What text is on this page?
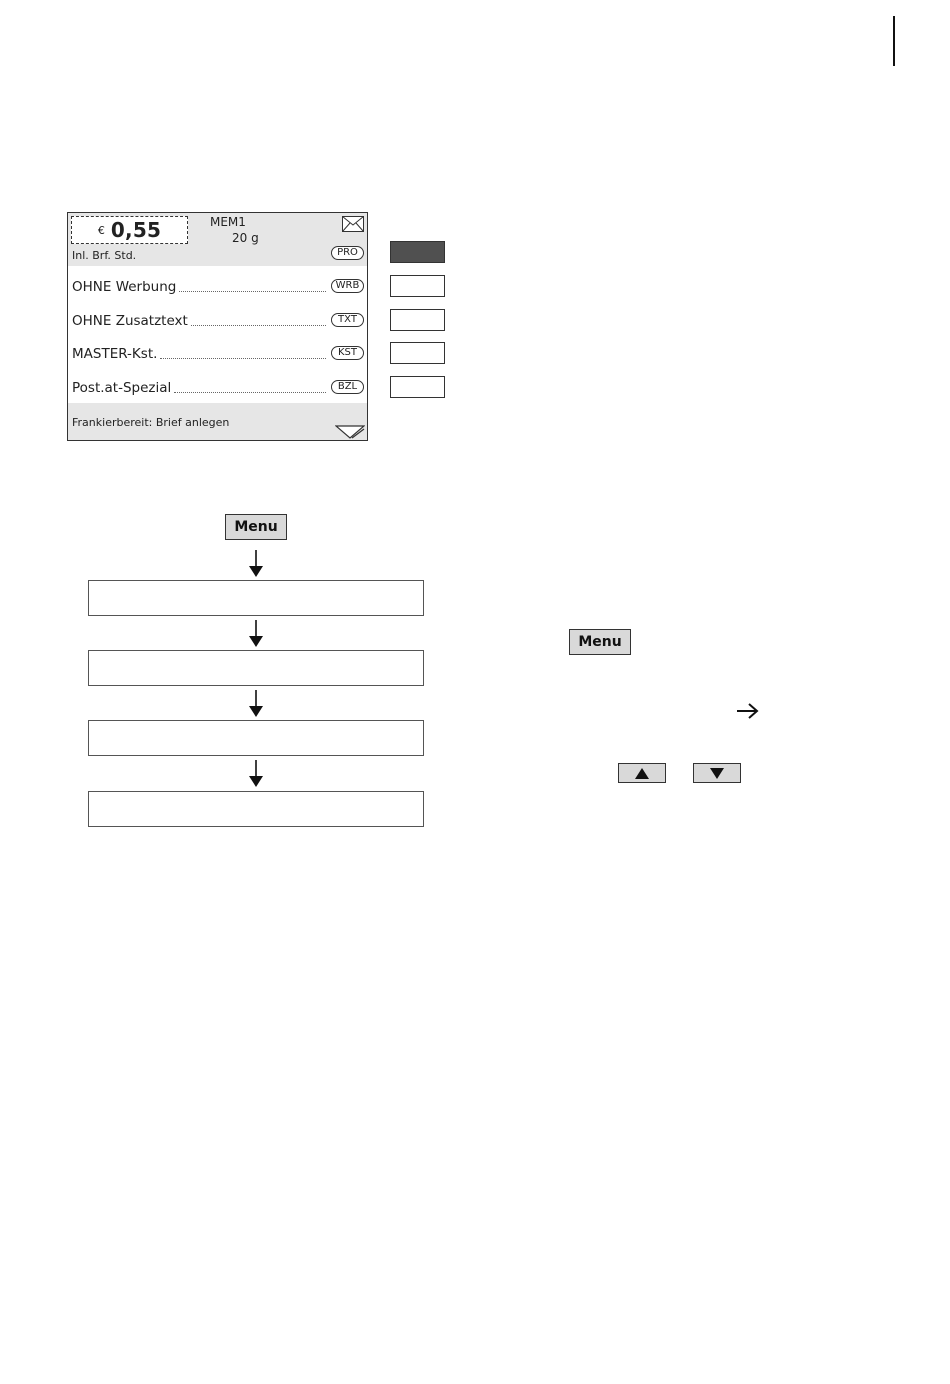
€ 0,55	MEM1
20 g
Inl. Brf. Std.	PRO
OHNE Werbung	WRB
OHNE Zusatztext	TXT
MASTER-Kst.	KST
Post.at-Spezial	BZL
Frankierbereit: Brief anlegen
Menu
Menu
